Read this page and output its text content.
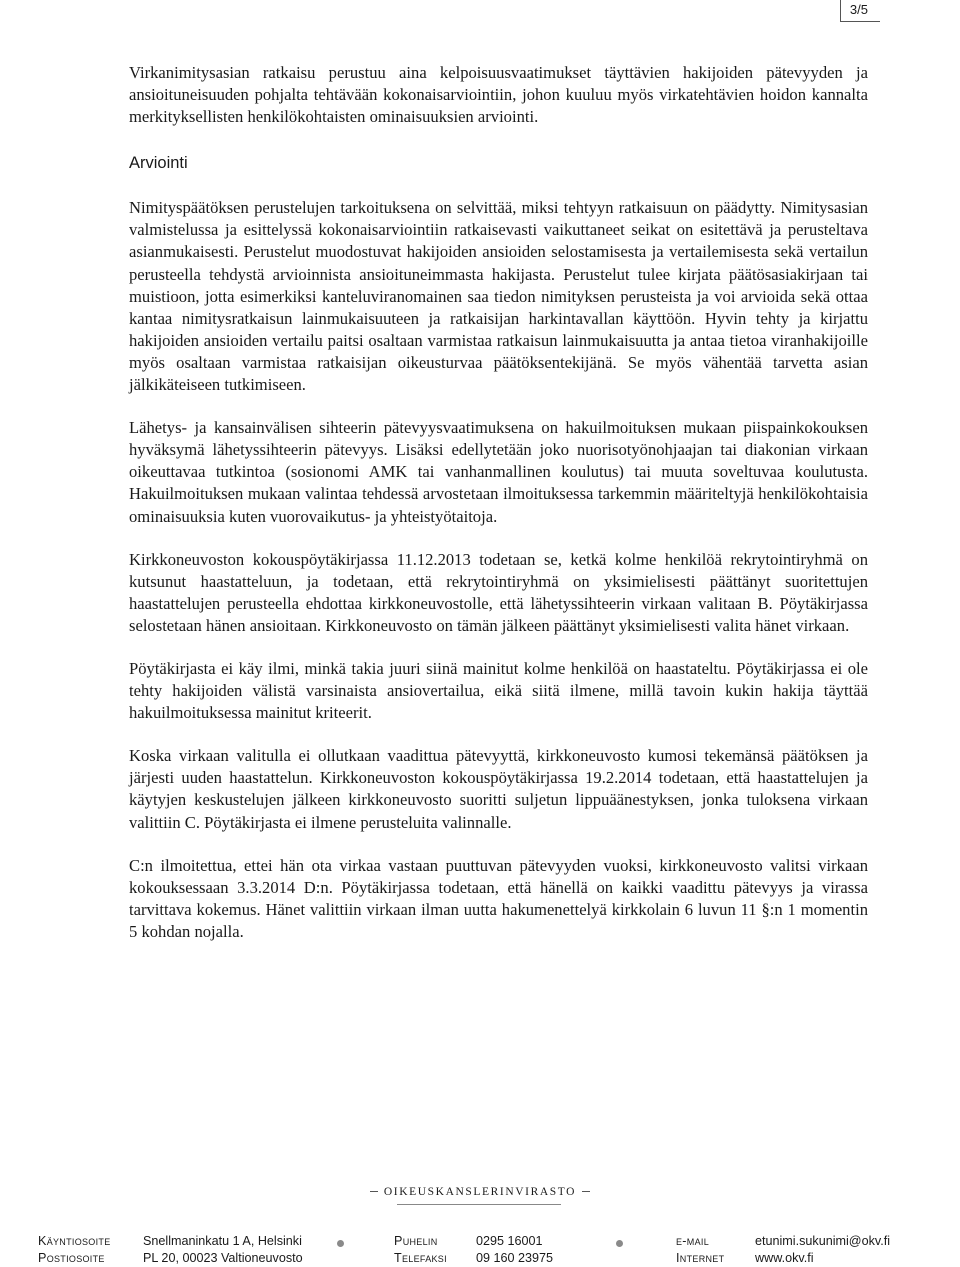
3/5

Virkanimitysasian ratkaisu perustuu aina kelpoisuusvaatimukset täyttävien hakijoiden pätevyyden ja ansioituneisuuden pohjalta tehtävään kokonaisarviointiin, johon kuuluu myös virkatehtävien hoidon kannalta merkityksellisten henkilökohtaisten ominaisuuksien arviointi.

Arviointi

Nimityspäätöksen perustelujen tarkoituksena on selvittää, miksi tehtyyn ratkaisuun on päädytty. Nimitysasian valmistelussa ja esittelyssä kokonaisarviointiin ratkaisevasti vaikuttaneet seikat on esitettävä ja perusteltava asianmukaisesti. Perustelut muodostuvat hakijoiden ansioiden selostamisesta ja vertailemisesta sekä vertailun perusteella tehdystä arvioinnista ansioituneimmasta hakijasta. Perustelut tulee kirjata päätösasiakirjaan tai muistioon, jotta esimerkiksi kanteluviranomainen saa tiedon nimityksen perusteista ja voi arvioida sekä ottaa kantaa nimitysratkaisun lainmukaisuuteen ja ratkaisijan harkintavallan käyttöön. Hyvin tehty ja kirjattu hakijoiden ansioiden vertailu paitsi osaltaan varmistaa ratkaisun lainmukaisuutta ja antaa tietoa viranhakijoille myös osaltaan varmistaa ratkaisijan oikeusturvaa päätöksentekijänä. Se myös vähentää tarvetta asian jälkikäteiseen tutkimiseen.

Lähetys- ja kansainvälisen sihteerin pätevyysvaatimuksena on hakuilmoituksen mukaan piispainkokouksen hyväksymä lähetyssihteerin pätevyys. Lisäksi edellytetään joko nuorisotyönohjaajan tai diakonian virkaan oikeuttavaa tutkintoa (sosionomi AMK tai vanhanmallinen koulutus) tai muuta soveltuvaa koulutusta. Hakuilmoituksen mukaan valintaa tehdessä arvostetaan ilmoituksessa tarkemmin määriteltyjä henkilökohtaisia ominaisuuksia kuten vuorovaikutus- ja yhteistyötaitoja.

Kirkkoneuvoston kokouspöytäkirjassa 11.12.2013 todetaan se, ketkä kolme henkilöä rekrytointiryhmä on kutsunut haastatteluun, ja todetaan, että rekrytointiryhmä on yksimielisesti päättänyt suoritettujen haastattelujen perusteella ehdottaa kirkkoneuvostolle, että lähetyssihteerin virkaan valitaan B. Pöytäkirjassa selostetaan hänen ansioitaan. Kirkkoneuvosto on tämän jälkeen päättänyt yksimielisesti valita hänet virkaan.

Pöytäkirjasta ei käy ilmi, minkä takia juuri siinä mainitut kolme henkilöä on haastateltu. Pöytäkirjassa ei ole tehty hakijoiden välistä varsinaista ansiovertailua, eikä siitä ilmene, millä tavoin kukin hakija täyttää hakuilmoituksessa mainitut kriteerit.

Koska virkaan valitulla ei ollutkaan vaadittua pätevyyttä, kirkkoneuvosto kumosi tekemänsä päätöksen ja järjesti uuden haastattelun. Kirkkoneuvoston kokouspöytäkirjassa 19.2.2014 todetaan, että haastattelujen ja käytyjen keskustelujen jälkeen kirkkoneuvosto suoritti suljetun lippuäänestyksen, jonka tuloksena virkaan valittiin C. Pöytäkirjasta ei ilmene perusteluita valinnalle.

C:n ilmoitettua, ettei hän ota virkaa vastaan puuttuvan pätevyyden vuoksi, kirkkoneuvosto valitsi virkaan kokouksessaan 3.3.2014 D:n. Pöytäkirjassa todetaan, että hänellä on kaikki vaadittu pätevyys ja virassa tarvittava kokemus. Hänet valittiin virkaan ilman uutta hakumenettelyä kirkkolain 6 luvun 11 §:n 1 momentin 5 kohdan nojalla.

OIKEUSKANSLERINVIRASTO
Käyntiosoite	Snellmaninkatu 1 A, Helsinki	Puhelin	0295 16001	e-mail	etunimi.sukunimi@okv.fi
Postiosoite	PL 20, 00023 Valtioneuvosto	Telefaksi 09 160 23975	Internet www.okv.fi
